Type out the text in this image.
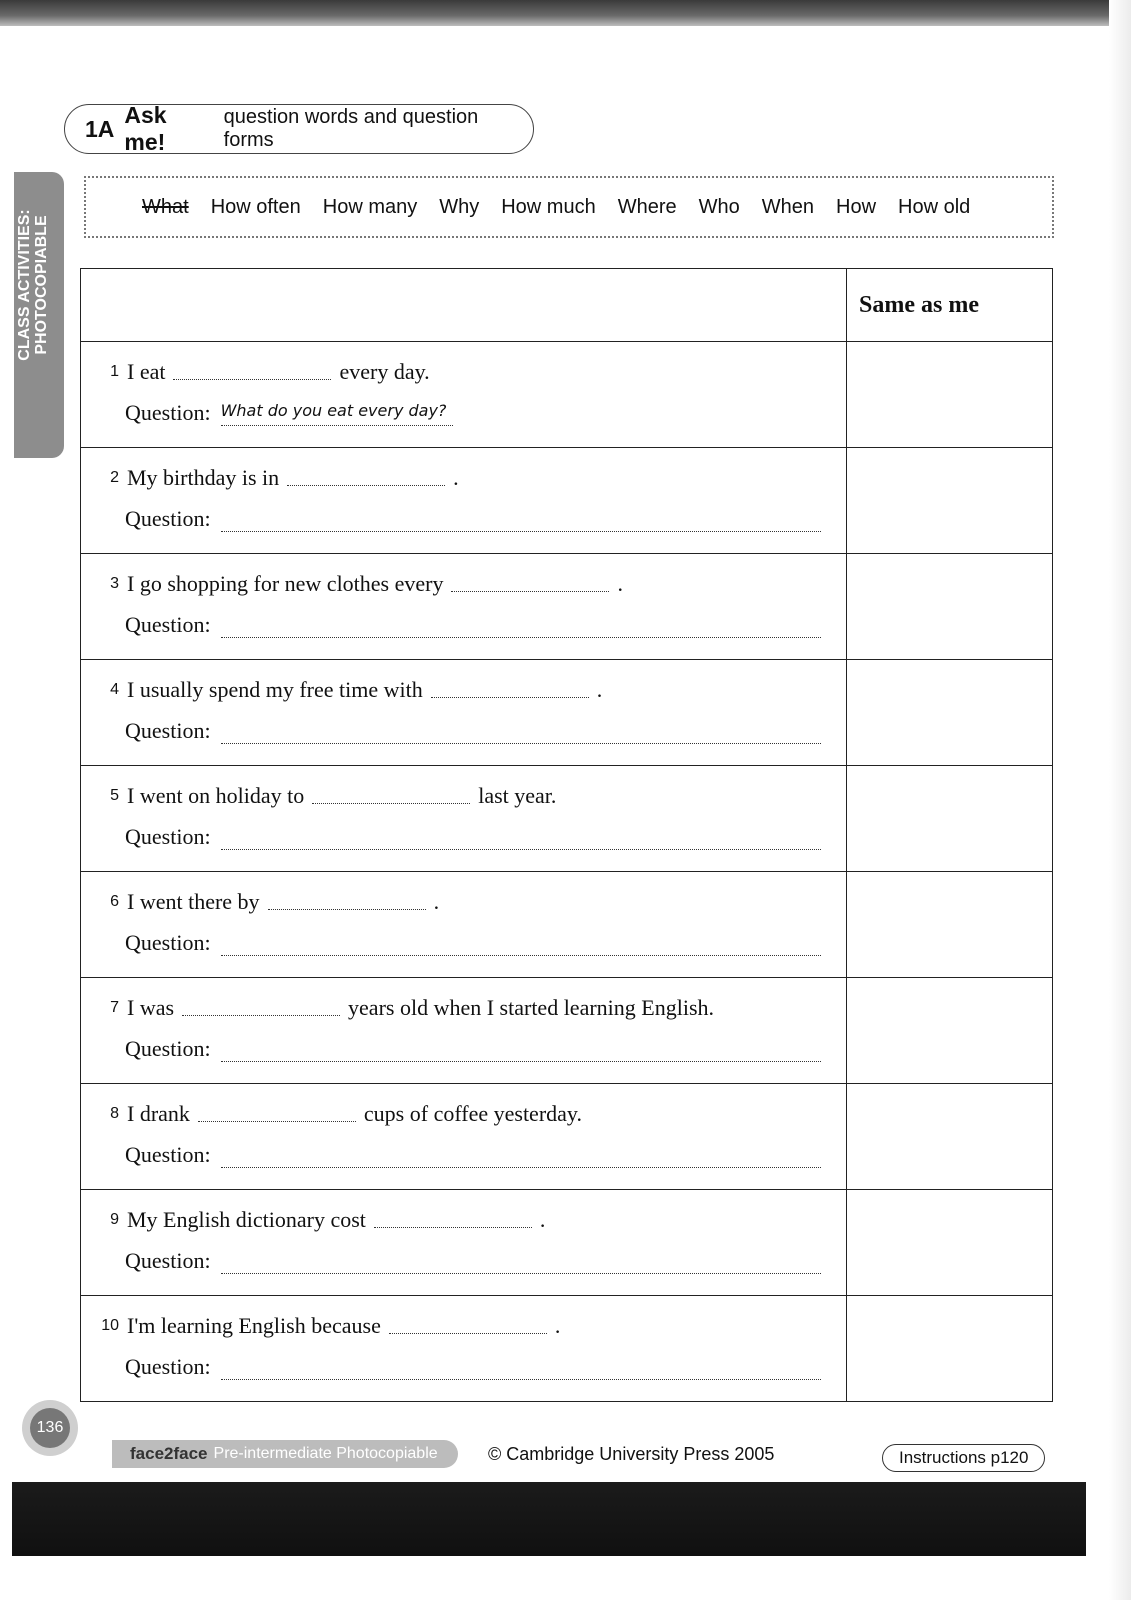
1A
Ask me!
question words and question forms
CLASS ACTIVITIES: PHOTOCOPIABLE
What How often How many Why How much Where Who When How How old
	Same as me

1 I eat every day.
Question: What do you eat every day?	

2 My birthday is in .
Question:	

3 I go shopping for new clothes every .
Question:	

4 I usually spend my free time with .
Question:	

5 I went on holiday to last year.
Question:	

6 I went there by .
Question:	

7 I was years old when I started learning English.
Question:	

8 I drank cups of coffee yesterday.
Question:	

9 My English dictionary cost .
Question:	

10 I'm learning English because .
Question:	

136
face2face Pre-intermediate Photocopiable	© Cambridge University Press 2005	Instructions p120
